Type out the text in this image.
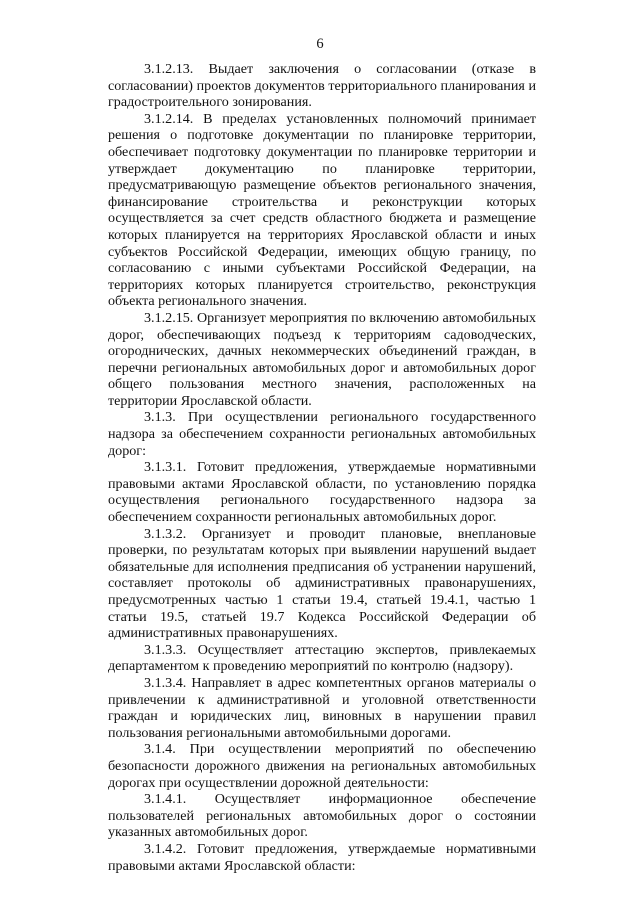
6

3.1.2.13. Выдает заключения о согласовании (отказе в согласовании) проектов документов территориального планирования и градостроительного зонирования.

3.1.2.14. В пределах установленных полномочий принимает решения о подготовке документации по планировке территории, обеспечивает подготовку документации по планировке территории и утверждает документацию по планировке территории, предусматривающую размещение объектов регионального значения, финансирование строительства и реконструкции которых осуществляется за счет средств областного бюджета и размещение которых планируется на территориях Ярославской области и иных субъектов Российской Федерации, имеющих общую границу, по согласованию с иными субъектами Российской Федерации, на территориях которых планируется строительство, реконструкция объекта регионального значения.

3.1.2.15. Организует мероприятия по включению автомобильных дорог, обеспечивающих подъезд к территориям садоводческих, огороднических, дачных некоммерческих объединений граждан, в перечни региональных автомобильных дорог и автомобильных дорог общего пользования местного значения, расположенных на территории Ярославской области.

3.1.3. При осуществлении регионального государственного надзора за обеспечением сохранности региональных автомобильных дорог:

3.1.3.1. Готовит предложения, утверждаемые нормативными правовыми актами Ярославской области, по установлению порядка осуществления регионального государственного надзора за обеспечением сохранности региональных автомобильных дорог.

3.1.3.2. Организует и проводит плановые, внеплановые проверки, по результатам которых при выявлении нарушений выдает обязательные для исполнения предписания об устранении нарушений, составляет протоколы об административных правонарушениях, предусмотренных частью 1 статьи 19.4, статьей 19.4.1, частью 1 статьи 19.5, статьей 19.7 Кодекса Российской Федерации об административных правонарушениях.

3.1.3.3. Осуществляет аттестацию экспертов, привлекаемых департаментом к проведению мероприятий по контролю (надзору).

3.1.3.4. Направляет в адрес компетентных органов материалы о привлечении к административной и уголовной ответственности граждан и юридических лиц, виновных в нарушении правил пользования региональными автомобильными дорогами.

3.1.4. При осуществлении мероприятий по обеспечению безопасности дорожного движения на региональных автомобильных дорогах при осуществлении дорожной деятельности:

3.1.4.1. Осуществляет информационное обеспечение пользователей региональных автомобильных дорог о состоянии указанных автомобильных дорог.

3.1.4.2. Готовит предложения, утверждаемые нормативными правовыми актами Ярославской области:
